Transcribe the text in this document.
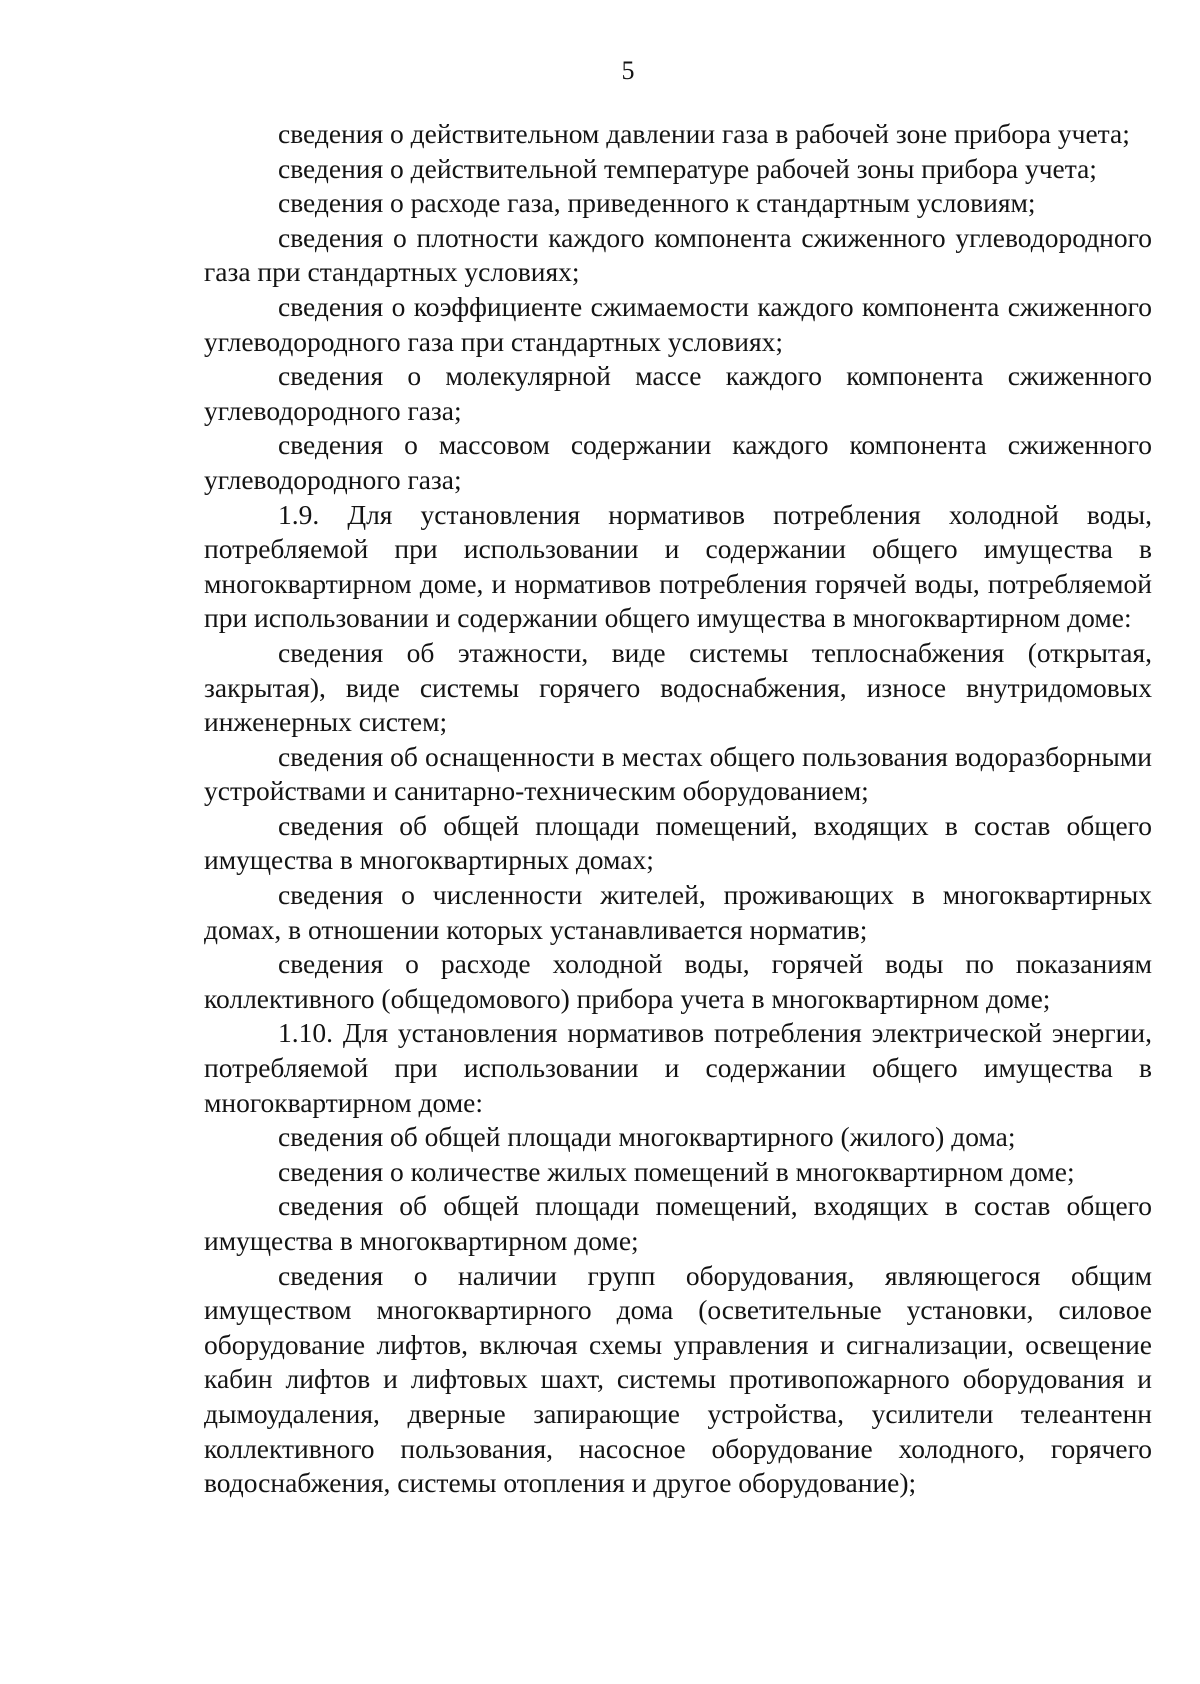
5

сведения о действительном давлении газа в рабочей зоне прибора учета;

сведения о действительной температуре рабочей зоны прибора учета;

сведения о расходе газа, приведенного к стандартным условиям;

сведения о плотности каждого компонента сжиженного углеводородного газа при стандартных условиях;

сведения о коэффициенте сжимаемости каждого компонента сжиженного углеводородного газа при стандартных условиях;

сведения о молекулярной массе каждого компонента сжиженного углеводородного газа;

сведения о массовом содержании каждого компонента сжиженного углеводородного газа;

1.9. Для установления нормативов потребления холодной воды, потребляемой при использовании и содержании общего имущества в многоквартирном доме, и нормативов потребления горячей воды, потребляемой при использовании и содержании общего имущества в многоквартирном доме:

сведения об этажности, виде системы теплоснабжения (открытая, закрытая), виде системы горячего водоснабжения, износе внутридомовых инженерных систем;

сведения об оснащенности в местах общего пользования водоразборными устройствами и санитарно-техническим оборудованием;

сведения об общей площади помещений, входящих в состав общего имущества в многоквартирных домах;

сведения о численности жителей, проживающих в многоквартирных домах, в отношении которых устанавливается норматив;

сведения о расходе холодной воды, горячей воды по показаниям коллективного (общедомового) прибора учета в многоквартирном доме;

1.10. Для установления нормативов потребления электрической энергии, потребляемой при использовании и содержании общего имущества в многоквартирном доме:

сведения об общей площади многоквартирного (жилого) дома;

сведения о количестве жилых помещений в многоквартирном доме;

сведения об общей площади помещений, входящих в состав общего имущества в многоквартирном доме;

сведения о наличии групп оборудования, являющегося общим имуществом многоквартирного дома (осветительные установки, силовое оборудование лифтов, включая схемы управления и сигнализации, освещение кабин лифтов и лифтовых шахт, системы противопожарного оборудования и дымоудаления, дверные запирающие устройства, усилители телеантенн коллективного пользования, насосное оборудование холодного, горячего водоснабжения, системы отопления и другое оборудование);
